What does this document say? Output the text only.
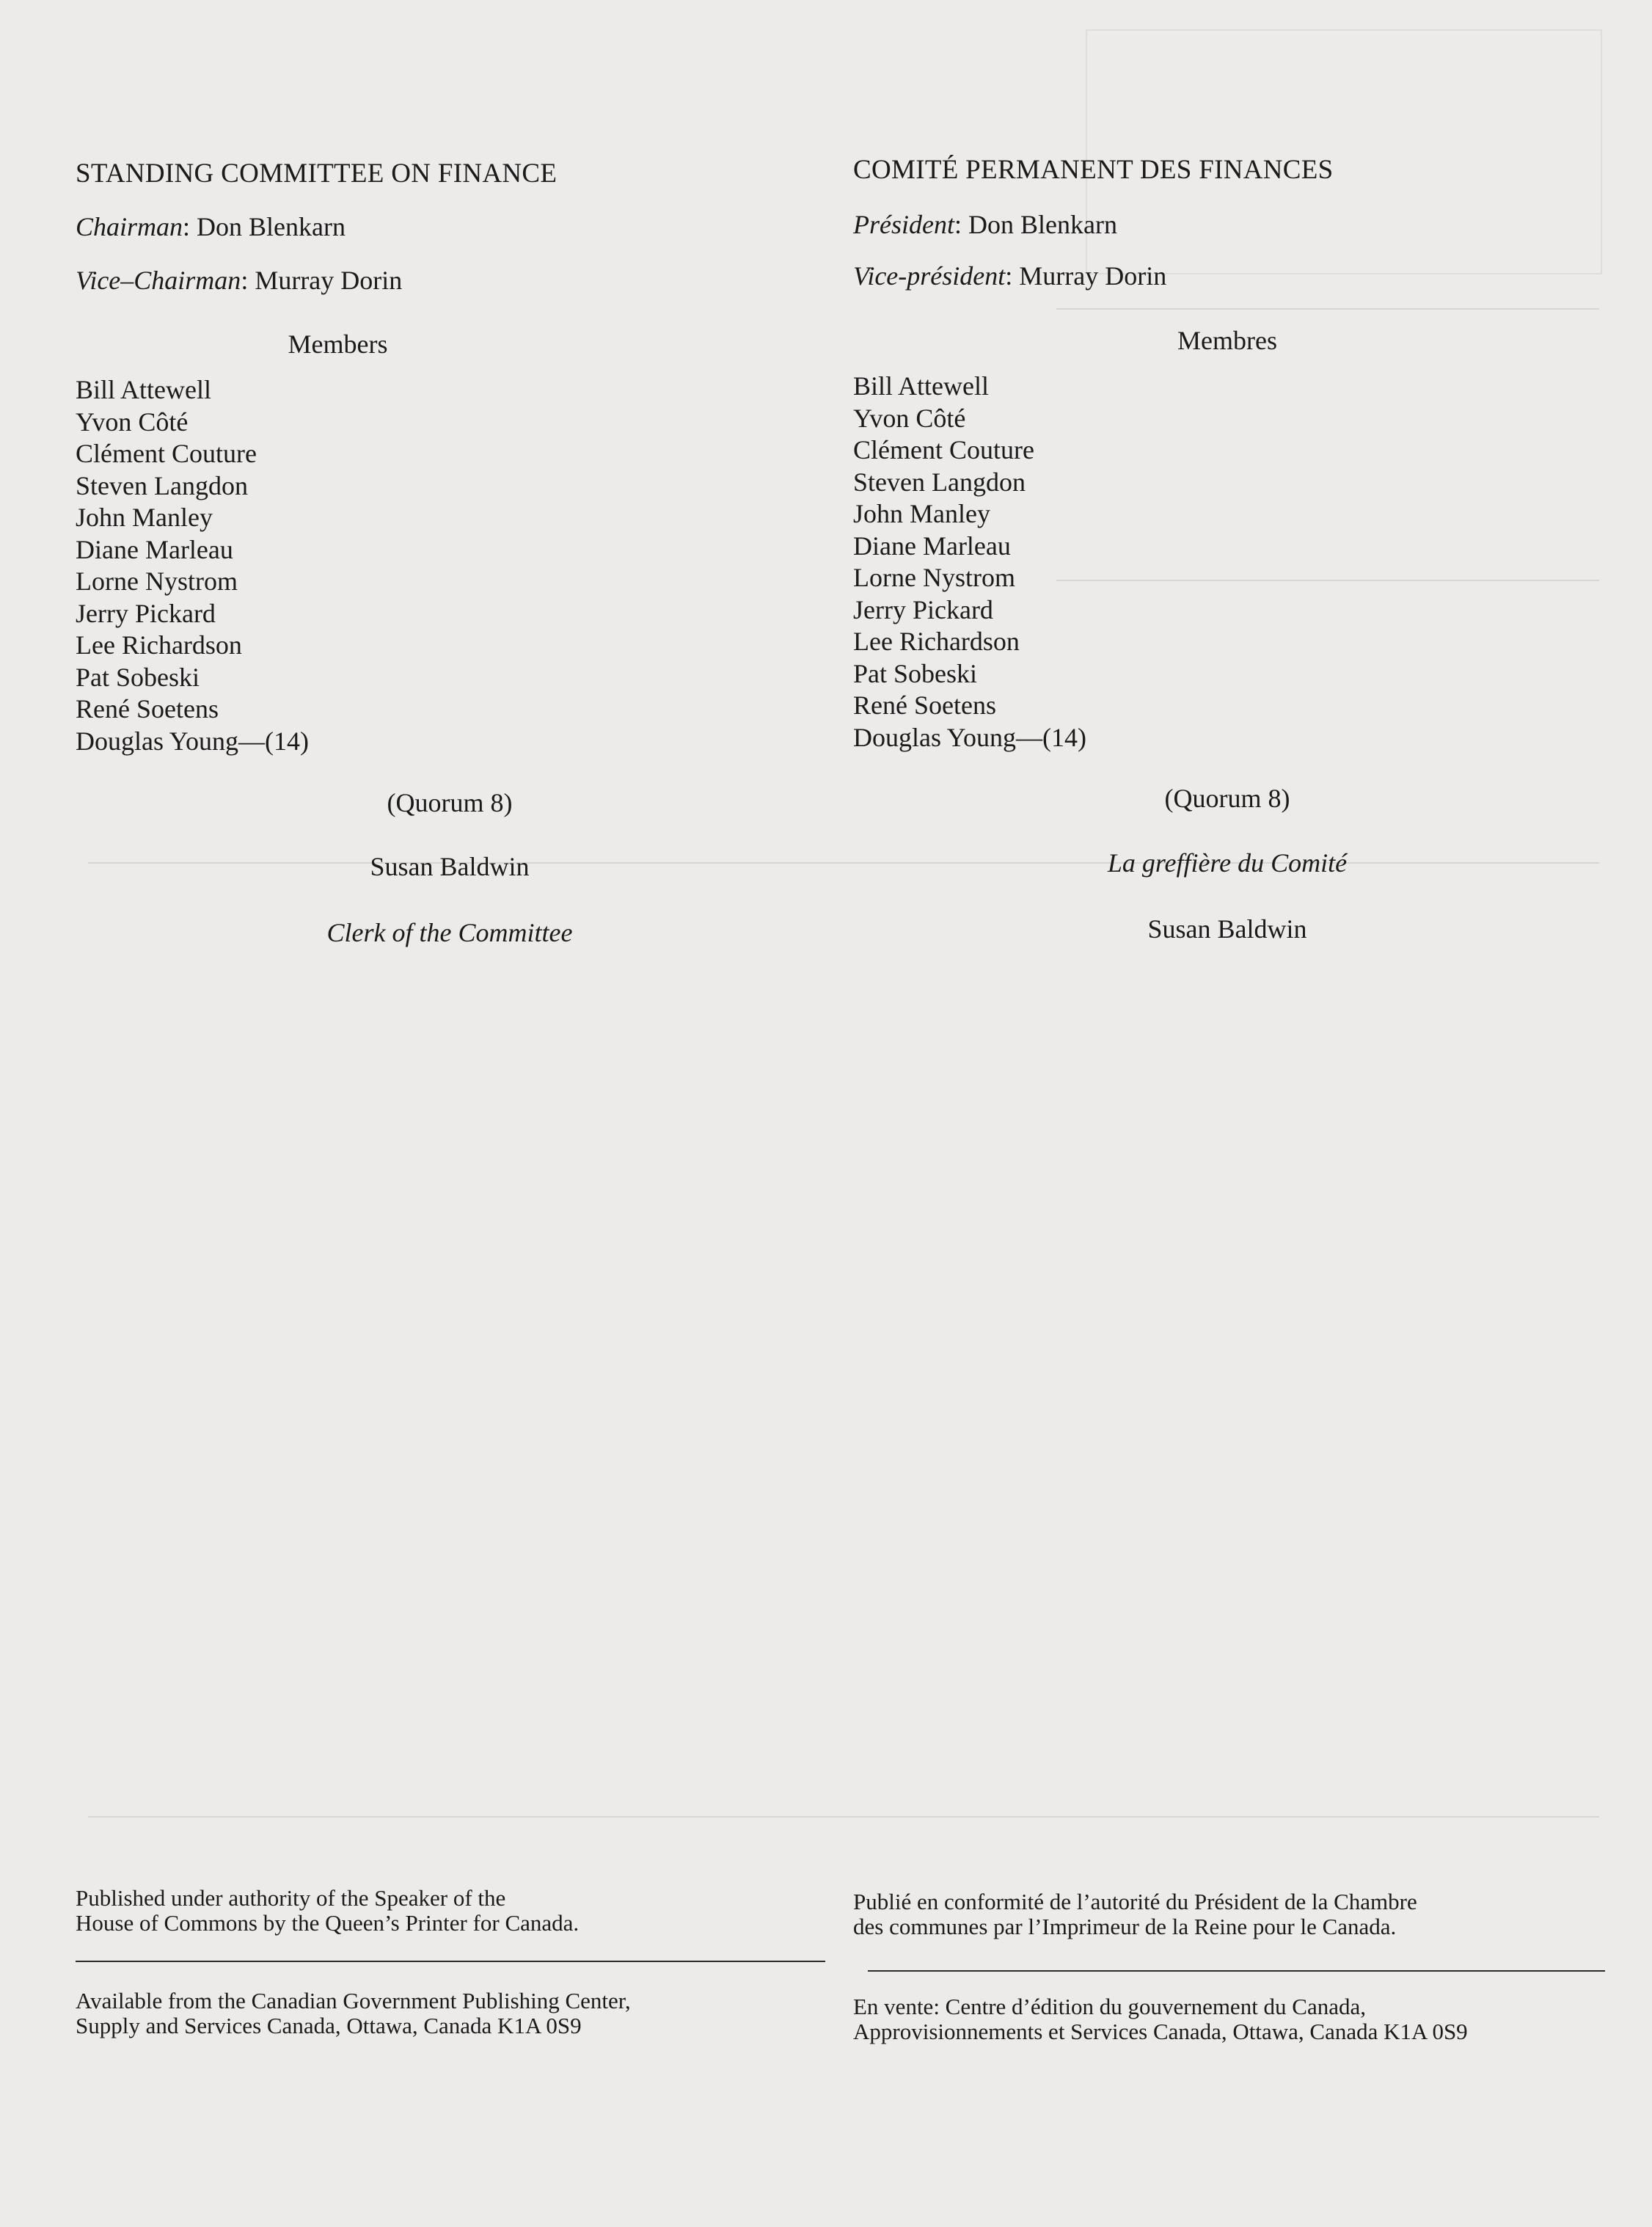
STANDING COMMITTEE ON FINANCE
Chairman: Don Blenkarn
Vice–Chairman: Murray Dorin
Members
Bill Attewell
Yvon Côté
Clément Couture
Steven Langdon
John Manley
Diane Marleau
Lorne Nystrom
Jerry Pickard
Lee Richardson
Pat Sobeski
René Soetens
Douglas Young—(14)
(Quorum 8)
Susan Baldwin
Clerk of the Committee
Published under authority of the Speaker of the
House of Commons by the Queen’s Printer for Canada.
Available from the Canadian Government Publishing Center,
Supply and Services Canada, Ottawa, Canada K1A 0S9
COMITÉ PERMANENT DES FINANCES
Président: Don Blenkarn
Vice-président: Murray Dorin
Membres
Bill Attewell
Yvon Côté
Clément Couture
Steven Langdon
John Manley
Diane Marleau
Lorne Nystrom
Jerry Pickard
Lee Richardson
Pat Sobeski
René Soetens
Douglas Young—(14)
(Quorum 8)
La greffière du Comité
Susan Baldwin
Publié en conformité de l’autorité du Président de la Chambre
des communes par l’Imprimeur de la Reine pour le Canada.
En vente: Centre d’édition du gouvernement du Canada,
Approvisionnements et Services Canada, Ottawa, Canada K1A 0S9
